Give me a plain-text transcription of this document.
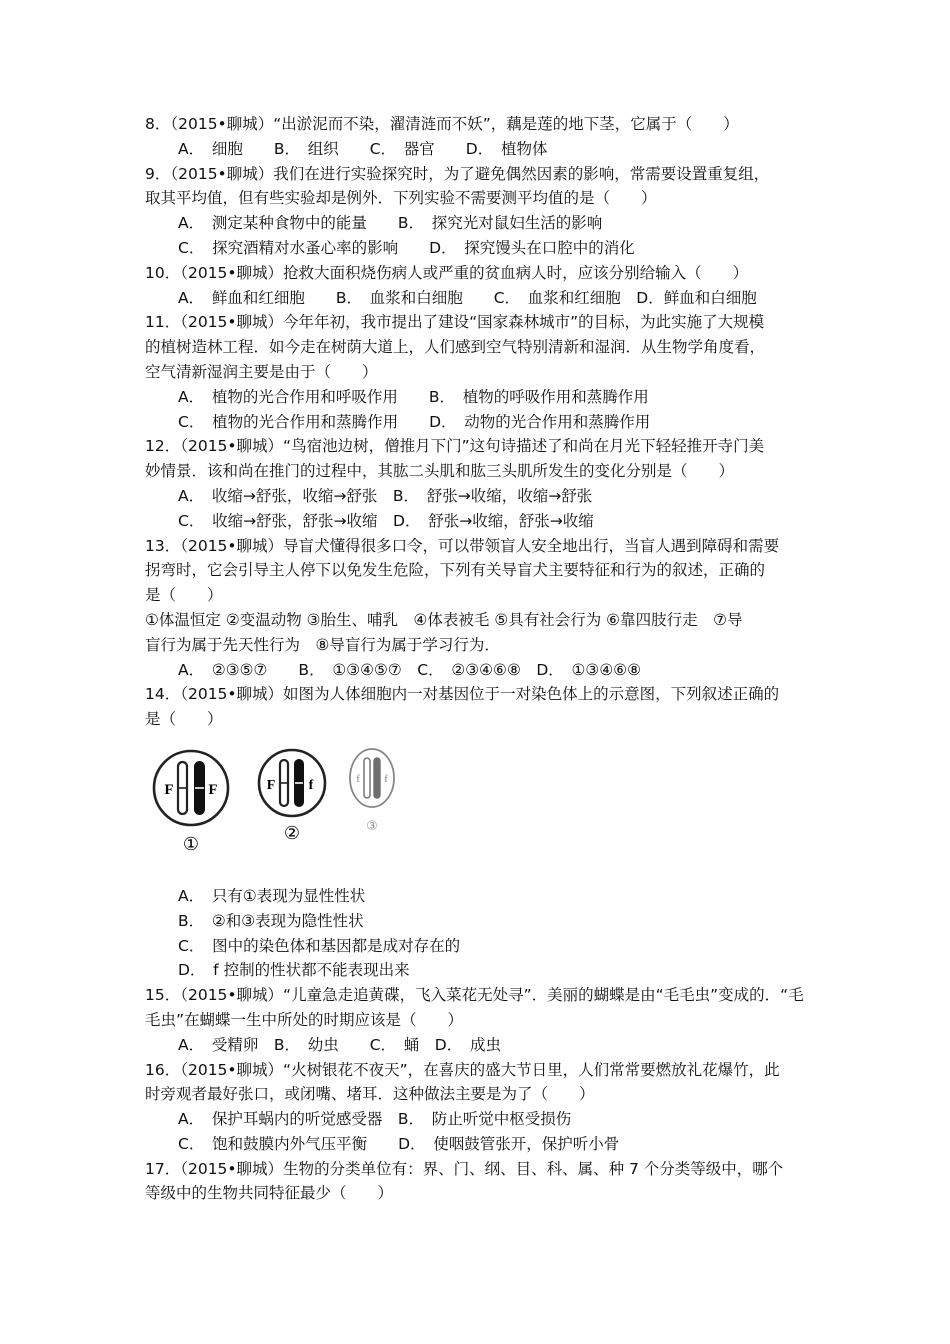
8．（2015•聊城）“出淤泥而不染，濯清涟而不妖”，藕是莲的地下茎，它属于（　　）
A．　细胞　　B．　组织　　C．　器官　　D．　植物体
9．（2015•聊城）我们在进行实验探究时，为了避免偶然因素的影响，常需要设置重复组，
取其平均值，但有些实验却是例外．下列实验不需要测平均值的是（　　）
A．　测定某种食物中的能量　　B．　探究光对鼠妇生活的影响
C．　探究酒精对水蚤心率的影响　　D．　探究馒头在口腔中的消化
10．（2015•聊城）抢救大面积烧伤病人或严重的贫血病人时，应该分别给输入（　　）
A．　鲜血和红细胞　　B．　血浆和白细胞　　C．　血浆和红细胞　D．鲜血和白细胞
11．（2015•聊城）今年年初，我市提出了建设“国家森林城市”的目标，为此实施了大规模
的植树造林工程．如今走在树荫大道上，人们感到空气特别清新和湿润．从生物学角度看，
空气清新湿润主要是由于（　　）
A．　植物的光合作用和呼吸作用　　B．　植物的呼吸作用和蒸腾作用
C．　植物的光合作用和蒸腾作用　　D．　动物的光合作用和蒸腾作用
12．（2015•聊城）“鸟宿池边树，僧推月下门”这句诗描述了和尚在月光下轻轻推开寺门美
妙情景．该和尚在推门的过程中，其肱二头肌和肱三头肌所发生的变化分别是（　　）
A．　收缩→舒张，收缩→舒张　B．　舒张→收缩，收缩→舒张
C．　收缩→舒张，舒张→收缩　D．　舒张→收缩，舒张→收缩
13．（2015•聊城）导盲犬懂得很多口令，可以带领盲人安全地出行，当盲人遇到障碍和需要
拐弯时，它会引导主人停下以免发生危险，下列有关导盲犬主要特征和行为的叙述，正确的
是（　　）
①体温恒定 ②变温动物 ③胎生、哺乳　④体表被毛 ⑤具有社会行为 ⑥靠四肢行走　⑦导
盲行为属于先天性行为　⑧导盲行为属于学习行为．
A．　②③⑤⑦　　B．　①③④⑤⑦　C．　②③④⑥⑧　D．　①③④⑥⑧
14．（2015•聊城）如图为人体细胞内一对基因位于一对染色体上的示意图，下列叙述正确的
是（　　）
F F
①
F f
②
f f
③
A．　只有①表现为显性性状
B．　②和③表现为隐性性状
C．　图中的染色体和基因都是成对存在的
D．　f 控制的性状都不能表现出来
15．（2015•聊城）“儿童急走追黄碟，飞入菜花无处寻”．美丽的蝴蝶是由“毛毛虫”变成的．“毛
毛虫”在蝴蝶一生中所处的时期应该是（　　）
A．　受精卵　B．　幼虫　　C．　蛹　D．　成虫
16．（2015•聊城）“火树银花不夜天”，在喜庆的盛大节日里，人们常常要燃放礼花爆竹，此
时旁观者最好张口，或闭嘴、堵耳．这种做法主要是为了（　　）
A．　保护耳蜗内的听觉感受器　B．　防止听觉中枢受损伤
C．　饱和鼓膜内外气压平衡　　D．　使咽鼓管张开，保护听小骨
17．（2015•聊城）生物的分类单位有：界、门、纲、目、科、属、种 7 个分类等级中，哪个
等级中的生物共同特征最少（　　）
